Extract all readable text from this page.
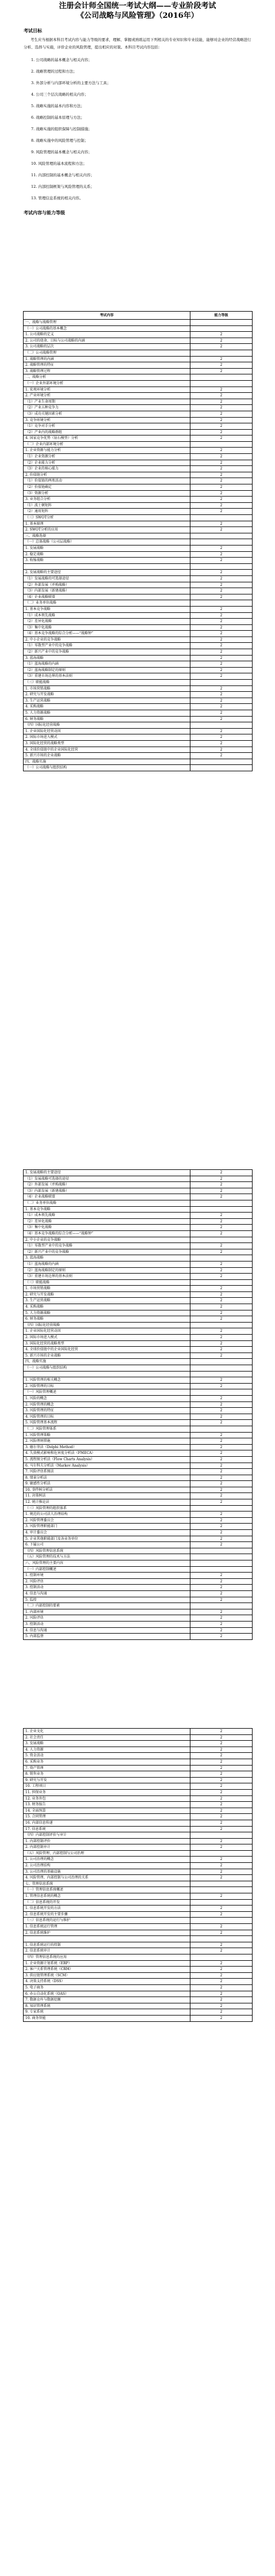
注册会计师全国统一考试大纲——专业阶段考试
《公司战略与风险管理》（2016年）
考试目标
考生应当根据本科目考试内容与能力等级的要求，理解、掌握或熟练运用下列相关的专业知识和专业技能，能够对企业的经营战略进行分析、选择与实施，评价企业的风险管理，提出相应的对策。本科目考试内容包括：
1. 公司战略的基本概念与相关内容；
2. 战略管理的过程和方法；
3. 外部分析与内部环境分析的主要方法与工具；
4. 公司三个层次战略的相关内容；
5. 战略实施的基本内容和方法；
6. 战略控制的基本原理与方法；
7. 战略实施的组织保障与控制措施；
8. 战略实施中的风险管理与控制；
9. 风险管理的基本概念与相关内容；
10. 风险管理的基本流程和方法；
11. 内部控制的基本概念与相关内容；
12. 内部控制框架与风险管理的关系；
13. 管理信息系统的相关内容。
考试内容与能力等级
考试内容	能力等级
一、战略与战略管理	
（一）公司战略的基本概念	
1. 公司战略的定义	2
2. 公司的使命、目标与公司战略的内涵	2
3. 公司战略的层次	2
（二）公司战略管理	
1. 战略管理的内涵	2
2. 战略管理的特征	2
3. 战略管理过程	2
二、战略分析	
（一）企业外部环境分析	
1. 宏观环境分析	2
2. 产业环境分析	2
（1）产业生命周期	2
（2）产业五种竞争力	2
（3）成功关键因素分析	2
3. 竞争环境分析	2
（1）竞争对手分析	2
（2）产业内的战略群组	2
4. 国家竞争优势（钻石模型）分析	2
（二）企业内部环境分析	
1. 企业资源与能力分析	2
（1）企业资源分析	2
（2）企业能力分析	2
（3）企业的核心能力	2
2. 价值链分析	2
（1）价值链的两类活动	2
（2）价值链确定	2
（3）资源分析	2
3. 业务组合分析	2
（1）波士顿矩阵	2
（2）通用矩阵	2
（三）SWOT分析	
1. 基本原理	2
2. SWOT分析的应用	2
三、战略选择	
（一）总体战略（公司层战略）	
1. 发展战略	2
2. 稳定战略	2
3. 收缩战略	2

2. 发展战略的主要途径	2
（1）发展战略的可选择途径	2
（2）外部发展（并购战略）	2
（3）内部发展（新建战略）	2
（4）企业战略联盟	2
（二）业务单位战略	
1. 基本竞争战略	2
（1）成本领先战略	2
（2）差异化战略	2
（3）集中化战略	2
（4）基本竞争战略的综合分析——“战略钟”	2
2. 中小企业的竞争战略	2
（1）零散型产业中的竞争战略	2
（2）新兴产业中的竞争战略	2
3. 蓝海战略	2
（1）蓝海战略的内涵	2
（2）蓝海战略制定的原则	2
（3）重建市场边界的基本法则	2
（三）职能战略	
1. 市场营销战略	2
2. 研究与开发战略	2
3. 生产运营战略	2
4. 采购战略	2
5. 人力资源战略	2
6. 财务战略	2
（四）国际化经营战略	
1. 企业国际化经营动因	2
2. 国际市场进入模式	2
3. 国际化经营的战略类型	2
4. 全球价值链中的企业国际化经营	2
5. 新兴市场的企业战略	2
四、战略实施	
（一）公司战略与组织结构	
1. 发展战略的主要途径	2
（1）发展战略可选择的途径	2
（2）外部发展（并购战略）	2
（3）内部发展（新建战略）	2
（4）企业战略联盟	2
（二）业务单位战略	
1. 基本竞争战略	
（1）成本领先战略	2
（2）差异化战略	2
（3）集中化战略	2
（4）基本竞争战略的综合分析——“战略钟”	2
2. 中小企业的竞争战略	
（1）零散型产业中的竞争战略	2
（2）新兴产业中的竞争战略	2
3. 蓝海战略	
（1）蓝海战略的内涵	2
（2）蓝海战略制定的原则	2
（3）重建市场边界的基本法则	2
（三）职能战略	
1. 市场营销战略	2
2. 研究与开发战略	2
3. 生产运营战略	2
4. 采购战略	2
5. 人力资源战略	2
6. 财务战略	2
（四）国际化经营战略	
1. 企业国际化经营动因	2
2. 国际市场进入模式	2
3. 国际化经营的战略类型	2
4. 全球价值链中的企业国际化经营	2
5. 新兴市场的企业战略	2
四、战略实施	
（一）公司战略与组织结构	

1. 风险管理的相关概念	2
2. 风险管理的目标	2
（一）风险管理概述	
1. 风险的概念	2
2. 风险管理的概念	2
3. 风险管理的特征	2
4. 风险管理的目标	2
5. 风险管理基本流程	2
（二）风险管理体系	
1. 风险管理策略	2
2. 风险理财措施	2
3. 德尔菲法（Delphi Method）	2
4. 失效模式影响和危害度分析法（FMECA）	2
5. 流程图分析法（Flow Charts Analysis）	2
6. 马尔科夫分析法（Markov Analysis）	2
7. 风险评估系图法	2
8. 情景分析法	2
9. 敏感性分析法	2
10. 事件树分析法	2
11. 决策树法	2
12. 统计推论法	2
（三）风险管理的组织体系	
1. 规范的公司法人治理结构	2
2. 风险管理委员会	2
3. 风险管理职能部门	2
4. 审计委员会	2
5. 企业其他职能部门及各业务单位	2
6. 下属公司	2
（四）风险管理信息系统	
（五）风险管理的技术与方法	
六、风险管理的主要内容	
（一）内部控制概述	
1. 控制环境	2
2. 风险评估	2
3. 控制活动	2
4. 信息与沟通	2
5. 监控	2
（二）内部控制的要素	
1. 内部环境	2
2. 风险评估	2
3. 控制活动	2
4. 信息与沟通	2
5. 内部监督	2
1. 企业文化	2
2. 社会责任	2
3. 发展战略	2
4. 人力资源	2
5. 资金活动	2
6. 采购业务	2
7. 资产管理	2
8. 销售业务	2
9. 研究与开发	2
10. 工程项目	2
11. 担保业务	2
12. 业务外包	2
13. 财务报告	2
14. 全面预算	2
15. 合同管理	2
16. 内部信息传递	2
17. 信息系统	2
（四）内部控制评价与审计	
1. 内部控制评价	2
2. 内部控制审计	2
（五）风险管理、内部控制与公司治理	
1. 公司治理的概念	2
2. 公司治理结构	2
3. 公司治理的基础设施	2
4. 风险管理、内部控制与公司治理的关系	2
七、管理信息系统	
（一）管理信息系统概述	
1. 管理信息系统的概念	2
（二）信息系统的开发	
1. 信息系统开发的方法	2
2. 信息系统开发的主要步骤	2
（三）信息系统的运行与维护	
1. 信息系统运行管理	2
2. 信息系统维护	2

1. 信息系统运行的控制	2
2. 信息系统审计	2
（四）管理信息系统的应用	
1. 企业资源计划系统（ERP）	2
2. 客户关系管理系统（CRM）	2
3. 供应链管理系统（SCM）	2
4. 决策支持系统（DSS）	2
5. 电子商务	2
6. 办公自动化系统（OAS）	2
7. 数据仓库与数据挖掘	2
8. 知识管理系统	2
9. 专家系统	2
10. 商务智能	2
